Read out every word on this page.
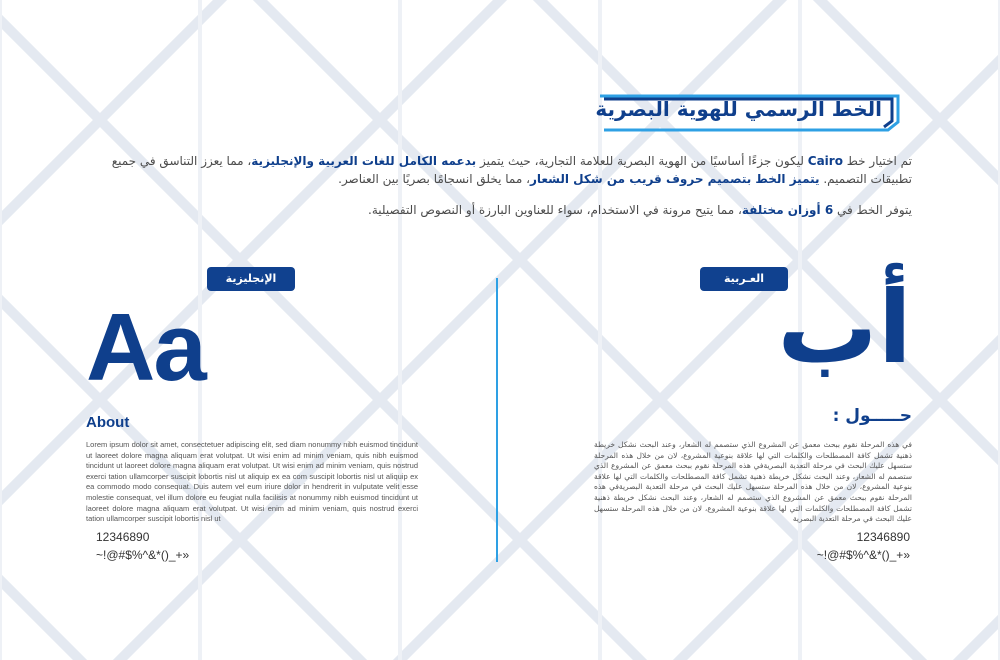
الخط الرسمي للهوية البصرية
تم اختيار خط Cairo ليكون جزءًا أساسيًا من الهوية البصرية للعلامة التجارية، حيث يتميز بدعمه الكامل للغات العربية والإنجليزية، مما يعزز التناسق في جميع تطبيقات التصميم. يتميز الخط بتصميم حروف قريب من شكل الشعار، مما يخلق انسجامًا بصريًا بين العناصر.
يتوفر الخط في 6 أوزان مختلفة، مما يتيح مرونة في الاستخدام، سواء للعناوين البارزة أو النصوص التفصيلية.
الإنجليزية	العـربية
Aa	أب
About	حـــــول :
Lorem ipsum dolor sit amet, consectetuer adipiscing elit, sed diam nonummy nibh euismod tincidunt ut laoreet dolore magna aliquam erat volutpat. Ut wisi enim ad minim veniam, quis nibh euismod tincidunt ut laoreet dolore magna aliquam erat volutpat. Ut wisi enim ad minim veniam, quis nostrud exerci tation ullamcorper suscipit lobortis nisl ut aliquip ex ea com suscipit lobortis nisl ut aliquip ex ea commodo modo consequat. Duis autem vel eum iriure dolor in hendrerit in vulputate velit esse molestie consequat, vel illum dolore eu feugiat nulla facilisis at nonummy nibh euismod tincidunt ut laoreet dolore magna aliquam erat volutpat. Ut wisi enim ad minim veniam, quis nostrud exerci tation ullamcorper suscipit lobortis nisl ut
في هذه المرحلة نقوم ببحث معمق عن المشروع الذي ستصمم له الشعار، وعند البحث نشكل خريطة ذهنية تشمل كافة المصطلحات والكلمات التي لها علاقة بنوعية المشروع، لان من خلال هذه المرحلة ستسهل عليك البحث في مرحلة التعدية البصريةفي هذه المرحلة نقوم ببحث معمق عن المشروع الذي ستصمم له الشعار، وعند البحث نشكل خريطة ذهنية تشمل كافة المصطلحات والكلمات التي لها علاقة بنوعية المشروع، لان من خلال هذه المرحلة ستسهل عليك البحث في مرحلة التعدية البصريةفي هذه المرحلة نقوم ببحث معمق عن المشروع الذي ستصمم له الشعار، وعند البحث نشكل خريطة ذهنية تشمل كافة المصطلحات والكلمات التي لها علاقة بنوعية المشروع، لان من خلال هذه المرحلة ستسهل عليك البحث في مرحلة التعدية البصرية
12346890
~!@#$%^&*()_+»
12346890
~!@#$%^&*()_+»
